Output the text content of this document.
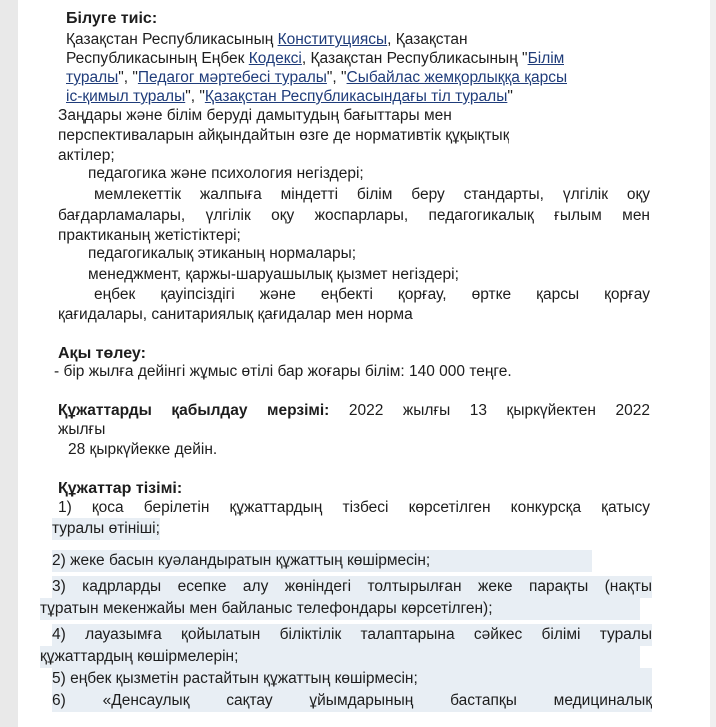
Білуге тиіс:
Қазақстан Республикасының Конституциясы, Қазақстан
Республикасының Еңбек Кодексі, Қазақстан Республикасының "Білім
туралы", "Педагог мәртебесі туралы", "Сыбайлас жемқорлыққа қарсы
іс-қимыл туралы", "Қазақстан Республикасындағы тіл туралы"
Заңдары және білім беруді дамытудың бағыттары мен
перспективаларын айқындайтын өзге де нормативтік құқықтық
актілер;
педагогика және психология негіздері;
мемлекеттік жалпыға міндетті білім беру стандарты, үлгілік оқу
бағдарламалары, үлгілік оқу жоспарлары, педагогикалық ғылым мен
практиканың жетістіктері;
педагогикалық этиканың нормалары;
менеджмент, қаржы-шаруашылық қызмет негіздері;
еңбек қауіпсіздігі және еңбекті қорғау, өртке қарсы қорғау
қағидалары, санитариялық қағидалар мен норма
Ақы төлеу:
- бір жылға дейінгі жұмыс өтілі бар жоғары білім: 140 000 теңге.
Құжаттарды қабылдау мерзімі: 2022 жылғы 13 қыркүйектен 2022
жылғы
28 қыркүйекке дейін.
Құжаттар тізімі:
1) қоса берілетін құжаттардың тізбесі көрсетілген конкурсқа қатысу
туралы өтініші;
2) жеке басын куәландыратын құжаттың көшірмесін;
3) кадрларды есепке алу жөніндегі толтырылған жеке парақты (нақты
тұратын мекенжайы мен байланыс телефондары көрсетілген);
4) лауазымға қойылатын біліктілік талаптарына сәйкес білімі туралы
құжаттардың көшірмелерін;
5) еңбек қызметін растайтын құжаттың көшірмесін;
6) «Денсаулық сақтау ұйымдарының бастапқы медициналық
